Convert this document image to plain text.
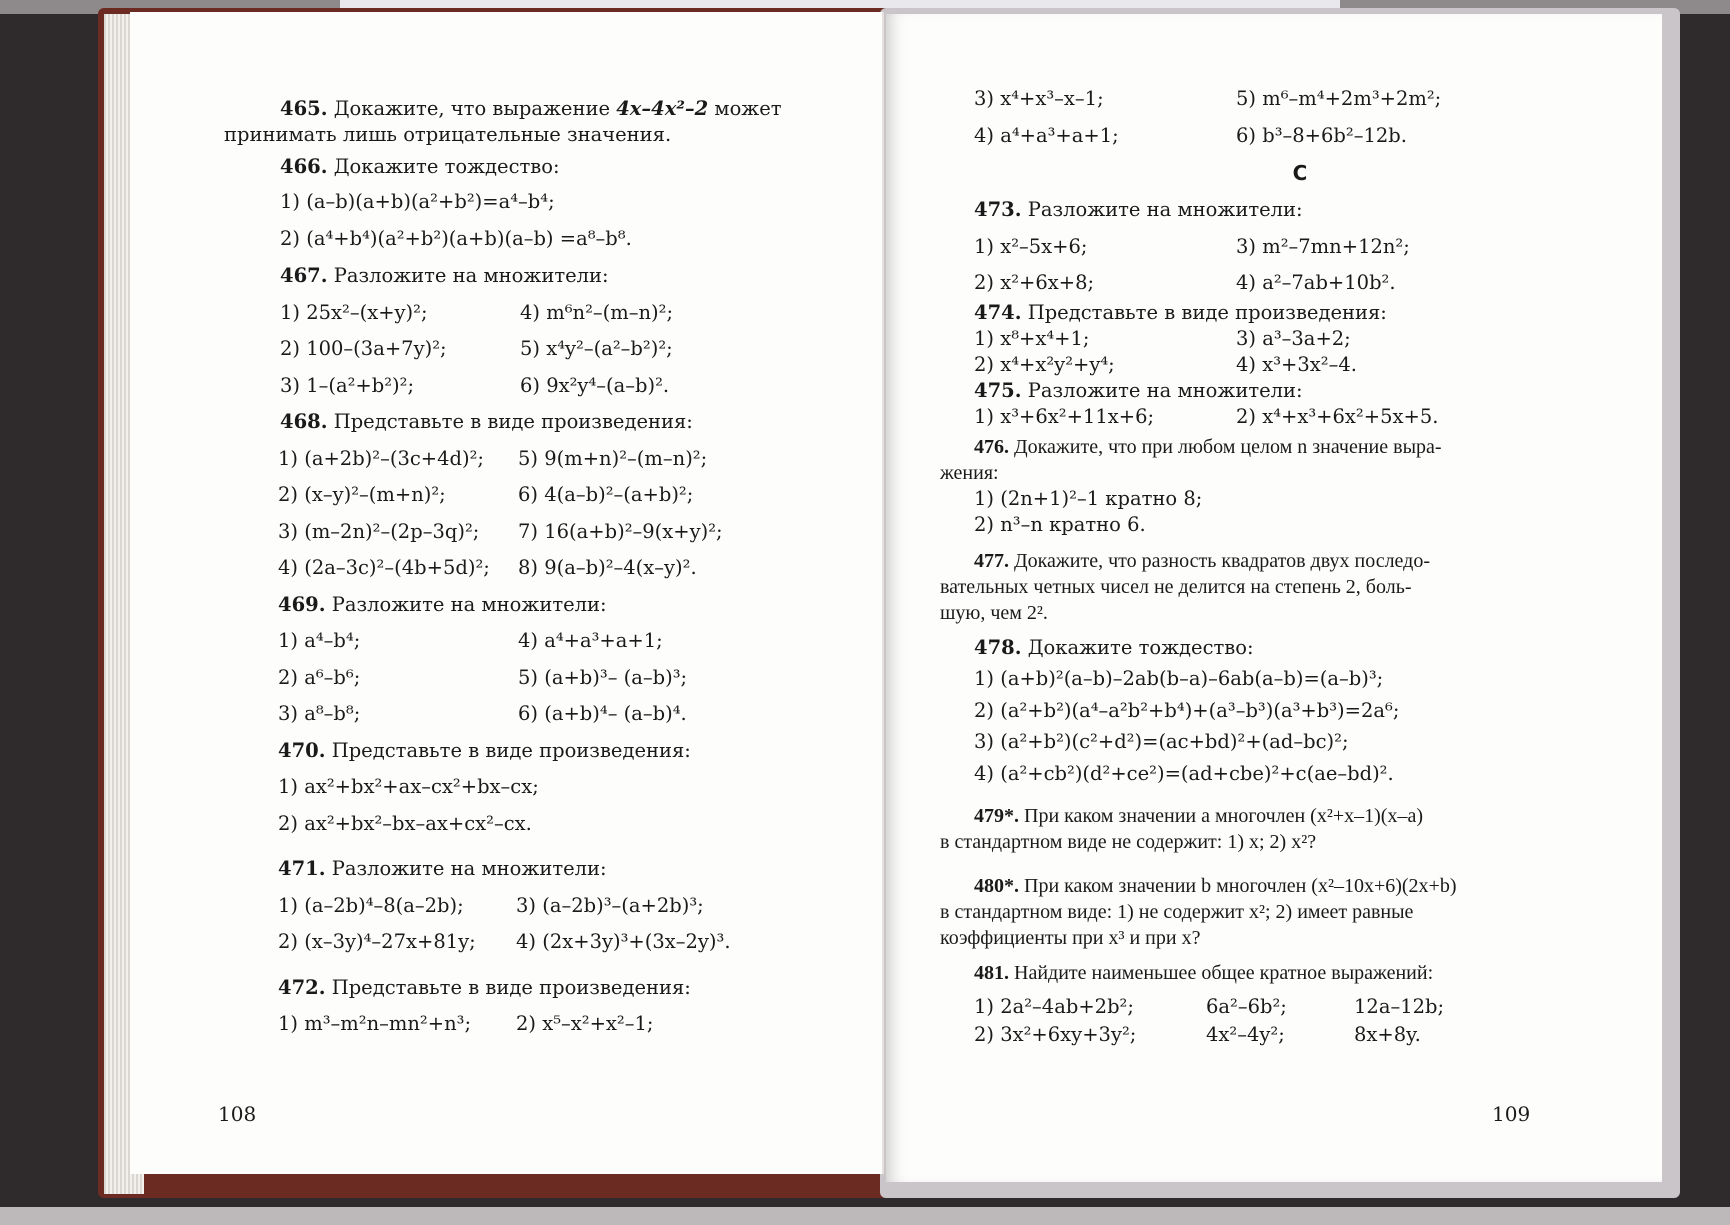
465. Докажите, что выражение 4x–4x²–2 может
принимать лишь отрицательные значения.
466. Докажите тождество:
1) (a–b)(a+b)(a²+b²)=a⁴–b⁴;
2) (a⁴+b⁴)(a²+b²)(a+b)(a–b) =a⁸–b⁸.
467. Разложите на множители:
1) 25x²–(x+y)²;	4) m⁶n²–(m–n)²;
2) 100–(3a+7y)²;	5) x⁴y²–(a²–b²)²;
3) 1–(a²+b²)²;	6) 9x²y⁴–(a–b)².
468. Представьте в виде произведения:
1) (a+2b)²–(3c+4d)²;	5) 9(m+n)²–(m–n)²;
2) (x–y)²–(m+n)²;	6) 4(a–b)²–(a+b)²;
3) (m–2n)²–(2p–3q)²;	7) 16(a+b)²–9(x+y)²;
4) (2a–3c)²–(4b+5d)²;	8) 9(a–b)²–4(x–y)².
469. Разложите на множители:
1) a⁴–b⁴;	4) a⁴+a³+a+1;
2) a⁶–b⁶;	5) (a+b)³– (a–b)³;
3) a⁸–b⁸;	6) (a+b)⁴– (a–b)⁴.
470. Представьте в виде произведения:
1) ax²+bx²+ax–cx²+bx–cx;
2) ax²+bx²–bx–ax+cx²–cx.
471. Разложите на множители:
1) (a–2b)⁴–8(a–2b);	3) (a–2b)³–(a+2b)³;
2) (x–3y)⁴–27x+81y;	4) (2x+3y)³+(3x–2y)³.
472. Представьте в виде произведения:
1) m³–m²n–mn²+n³;	2) x⁵–x²+x²–1;
108
3) x⁴+x³–x–1;	5) m⁶–m⁴+2m³+2m²;
4) a⁴+a³+a+1;	6) b³–8+6b²–12b.
C
473. Разложите на множители:
1) x²–5x+6;	3) m²–7mn+12n²;
2) x²+6x+8;	4) a²–7ab+10b².
474. Представьте в виде произведения:
1) x⁸+x⁴+1;	3) a³–3a+2;
2) x⁴+x²y²+y⁴;	4) x³+3x²–4.
475. Разложите на множители:
1) x³+6x²+11x+6;	2) x⁴+x³+6x²+5x+5.
476. Докажите, что при любом целом n значение выра-
жения:
1) (2n+1)²–1 кратно 8;
2) n³–n кратно 6.
477. Докажите, что разность квадратов двух последо-
вательных четных чисел не делится на степень 2, боль-
шую, чем 2².
478. Докажите тождество:
1) (a+b)²(a–b)–2ab(b–a)–6ab(a–b)=(a–b)³;
2) (a²+b²)(a⁴–a²b²+b⁴)+(a³–b³)(a³+b³)=2a⁶;
3) (a²+b²)(c²+d²)=(ac+bd)²+(ad–bc)²;
4) (a²+cb²)(d²+ce²)=(ad+cbe)²+c(ae–bd)².
479*. При каком значении a многочлен (x²+x–1)(x–a)
в стандартном виде не содержит: 1) x; 2) x²?
480*. При каком значении b многочлен (x²–10x+6)(2x+b)
в стандартном виде: 1) не содержит x²; 2) имеет равные
коэффициенты при x³ и при x?
481. Найдите наименьшее общее кратное выражений:
1) 2a²–4ab+2b²;	6a²–6b²;	12a–12b;
2) 3x²+6xy+3y²;	4x²–4y²;	8x+8y.
109
